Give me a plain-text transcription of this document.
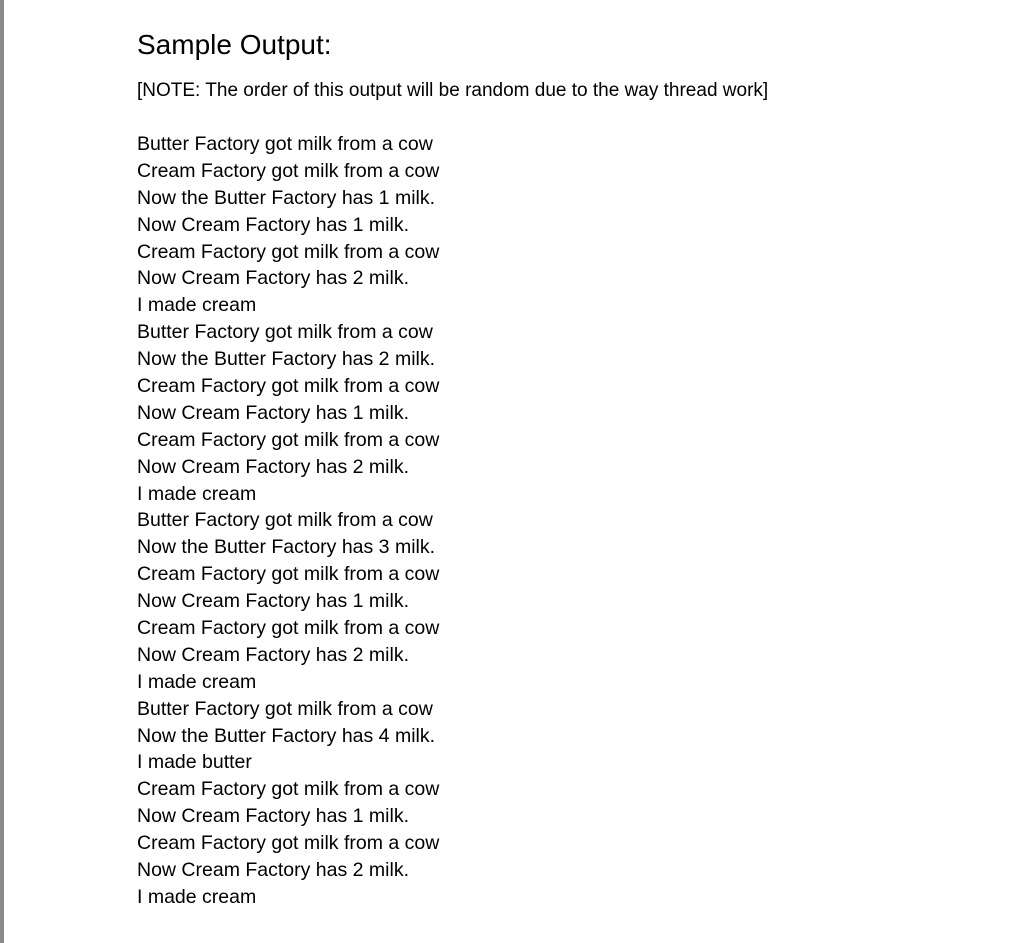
Sample Output:
[NOTE: The order of this output will be random due to the way thread work]
Butter Factory got milk from a cow
Cream Factory got milk from a cow
Now the Butter Factory has 1 milk.
Now Cream Factory has 1 milk.
Cream Factory got milk from a cow
Now Cream Factory has 2 milk.
I made cream
Butter Factory got milk from a cow
Now the Butter Factory has 2 milk.
Cream Factory got milk from a cow
Now Cream Factory has 1 milk.
Cream Factory got milk from a cow
Now Cream Factory has 2 milk.
I made cream
Butter Factory got milk from a cow
Now the Butter Factory has 3 milk.
Cream Factory got milk from a cow
Now Cream Factory has 1 milk.
Cream Factory got milk from a cow
Now Cream Factory has 2 milk.
I made cream
Butter Factory got milk from a cow
Now the Butter Factory has 4 milk.
I made butter
Cream Factory got milk from a cow
Now Cream Factory has 1 milk.
Cream Factory got milk from a cow
Now Cream Factory has 2 milk.
I made cream
